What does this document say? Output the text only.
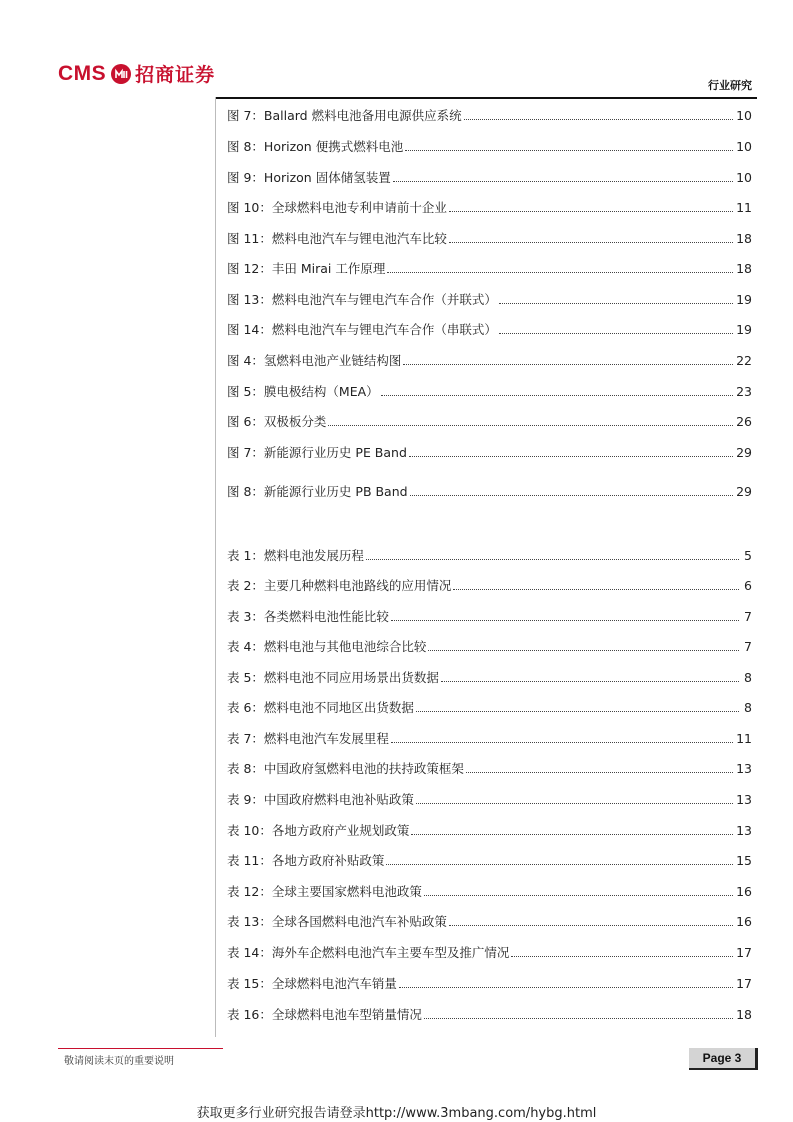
CMS 招商证券	行业研究
图 7：Ballard 燃料电池备用电源供应系统	10
图 8：Horizon 便携式燃料电池	10
图 9：Horizon 固体储氢装置	10
图 10：全球燃料电池专利申请前十企业	11
图 11：燃料电池汽车与锂电池汽车比较	18
图 12：丰田 Mirai 工作原理	18
图 13：燃料电池汽车与锂电汽车合作（并联式）	19
图 14：燃料电池汽车与锂电汽车合作（串联式）	19
图 4：氢燃料电池产业链结构图	22
图 5：膜电极结构（MEA）	23
图 6：双极板分类	26
图 7：新能源行业历史 PE Band	29
图 8：新能源行业历史 PB Band	29
表 1：燃料电池发展历程	5
表 2：主要几种燃料电池路线的应用情况	6
表 3：各类燃料电池性能比较	7
表 4：燃料电池与其他电池综合比较	7
表 5：燃料电池不同应用场景出货数据	8
表 6：燃料电池不同地区出货数据	8
表 7：燃料电池汽车发展里程	11
表 8：中国政府氢燃料电池的扶持政策框架	13
表 9：中国政府燃料电池补贴政策	13
表 10：各地方政府产业规划政策	13
表 11：各地方政府补贴政策	15
表 12：全球主要国家燃料电池政策	16
表 13：全球各国燃料电池汽车补贴政策	16
表 14：海外车企燃料电池汽车主要车型及推广情况	17
表 15：全球燃料电池汽车销量	17
表 16：全球燃料电池车型销量情况	18
敬请阅读末页的重要说明	Page 3
获取更多行业研究报告请登录http://www.3mbang.com/hybg.html
